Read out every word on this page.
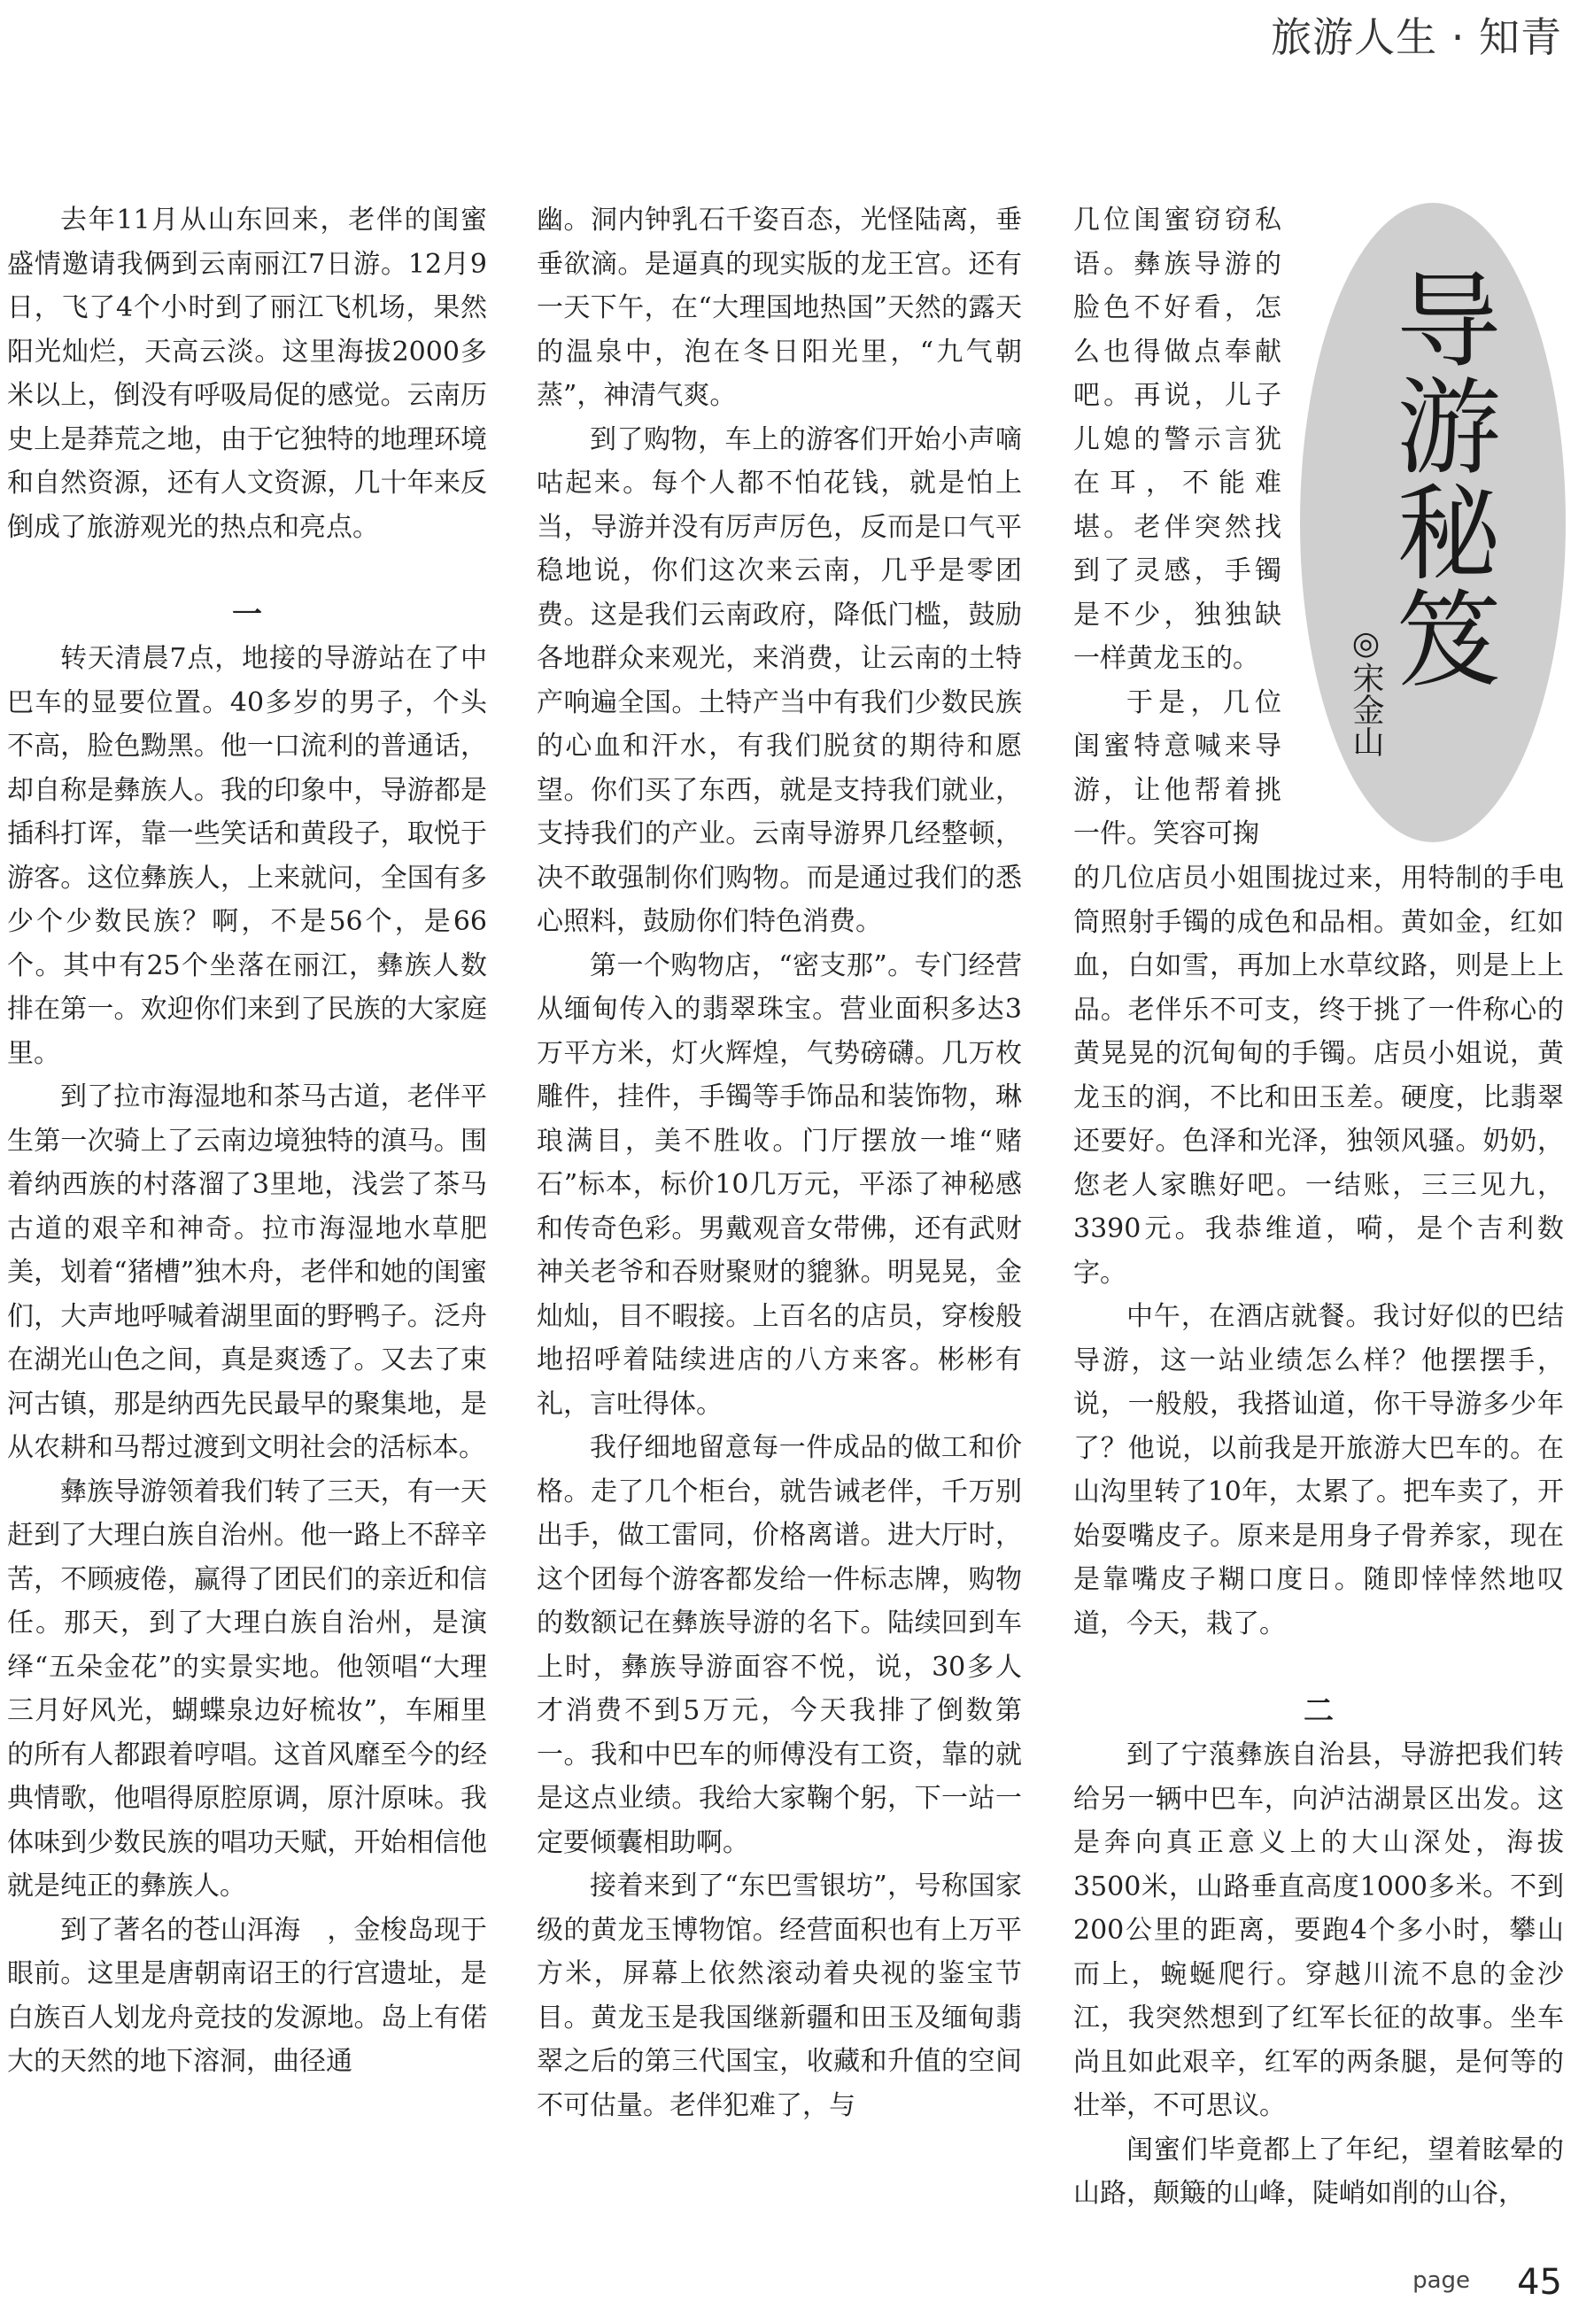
旅游人生 · 知青

去年11月从山东回来，老伴的闺蜜盛情邀请我俩到云南丽江7日游。12月9日，飞了4个小时到了丽江飞机场，果然阳光灿烂，天高云淡。这里海拔2000多米以上，倒没有呼吸局促的感觉。云南历史上是莽荒之地，由于它独特的地理环境和自然资源，还有人文资源，几十年来反倒成了旅游观光的热点和亮点。

一

转天清晨7点，地接的导游站在了中巴车的显要位置。40多岁的男子，个头不高，脸色黝黑。他一口流利的普通话，却自称是彝族人。我的印象中，导游都是插科打诨，靠一些笑话和黄段子，取悦于游客。这位彝族人，上来就问，全国有多少个少数民族？啊，不是56个，是66个。其中有25个坐落在丽江，彝族人数排在第一。欢迎你们来到了民族的大家庭里。

到了拉市海湿地和茶马古道，老伴平生第一次骑上了云南边境独特的滇马。围着纳西族的村落溜了3里地，浅尝了茶马古道的艰辛和神奇。拉市海湿地水草肥美，划着“猪槽”独木舟，老伴和她的闺蜜们，大声地呼喊着湖里面的野鸭子。泛舟在湖光山色之间，真是爽透了。又去了束河古镇，那是纳西先民最早的聚集地，是从农耕和马帮过渡到文明社会的活标本。

彝族导游领着我们转了三天，有一天赶到了大理白族自治州。他一路上不辞辛苦，不顾疲倦，赢得了团民们的亲近和信任。那天，到了大理白族自治州，是演绎“五朵金花”的实景实地。他领唱“大理三月好风光，蝴蝶泉边好梳妆”，车厢里的所有人都跟着哼唱。这首风靡至今的经典情歌，他唱得原腔原调，原汁原味。我体味到少数民族的唱功天赋，开始相信他就是纯正的彝族人。

到了著名的苍山洱海　，金梭岛现于眼前。这里是唐朝南诏王的行宫遗址，是白族百人划龙舟竞技的发源地。岛上有偌大的天然的地下溶洞，曲径通

幽。洞内钟乳石千姿百态，光怪陆离，垂垂欲滴。是逼真的现实版的龙王宫。还有一天下午，在“大理国地热国”天然的露天的温泉中，泡在冬日阳光里，“九气朝蒸”，神清气爽。

到了购物，车上的游客们开始小声嘀咕起来。每个人都不怕花钱，就是怕上当，导游并没有厉声厉色，反而是口气平稳地说，你们这次来云南，几乎是零团费。这是我们云南政府，降低门槛，鼓励各地群众来观光，来消费，让云南的土特产响遍全国。土特产当中有我们少数民族的心血和汗水，有我们脱贫的期待和愿望。你们买了东西，就是支持我们就业，支持我们的产业。云南导游界几经整顿，决不敢强制你们购物。而是通过我们的悉心照料，鼓励你们特色消费。

第一个购物店，“密支那”。专门经营从缅甸传入的翡翠珠宝。营业面积多达3万平方米，灯火辉煌，气势磅礴。几万枚雕件，挂件，手镯等手饰品和装饰物，琳琅满目，美不胜收。门厅摆放一堆“赌石”标本，标价10几万元，平添了神秘感和传奇色彩。男戴观音女带佛，还有武财神关老爷和吞财聚财的貔貅。明晃晃，金灿灿，目不暇接。上百名的店员，穿梭般地招呼着陆续进店的八方来客。彬彬有礼，言吐得体。

我仔细地留意每一件成品的做工和价格。走了几个柜台，就告诫老伴，千万别出手，做工雷同，价格离谱。进大厅时，这个团每个游客都发给一件标志牌，购物的数额记在彝族导游的名下。陆续回到车上时，彝族导游面容不悦，说，30多人才消费不到5万元，今天我排了倒数第一。我和中巴车的师傅没有工资，靠的就是这点业绩。我给大家鞠个躬，下一站一定要倾囊相助啊。

接着来到了“东巴雪银坊”，号称国家级的黄龙玉博物馆。经营面积也有上万平方米，屏幕上依然滚动着央视的鉴宝节目。黄龙玉是我国继新疆和田玉及缅甸翡翠之后的第三代国宝，收藏和升值的空间不可估量。老伴犯难了，与

几位闺蜜窃窃私语。彝族导游的脸色不好看，怎么也得做点奉献吧。再说，儿子儿媳的警示言犹在耳，不能难堪。老伴突然找到了灵感，手镯是不少，独独缺一样黄龙玉的。

于是，几位闺蜜特意喊来导游，让他帮着挑一件。笑容可掬

导游秘笈
◎宋金山

的几位店员小姐围拢过来，用特制的手电筒照射手镯的成色和品相。黄如金，红如血，白如雪，再加上水草纹路，则是上上品。老伴乐不可支，终于挑了一件称心的黄晃晃的沉甸甸的手镯。店员小姐说，黄龙玉的润，不比和田玉差。硬度，比翡翠还要好。色泽和光泽，独领风骚。奶奶，您老人家瞧好吧。一结账，三三见九，3390元。我恭维道，嗬，是个吉利数字。

中午，在酒店就餐。我讨好似的巴结导游，这一站业绩怎么样？他摆摆手，说，一般般，我搭讪道，你干导游多少年了？他说，以前我是开旅游大巴车的。在山沟里转了10年，太累了。把车卖了，开始耍嘴皮子。原来是用身子骨养家，现在是靠嘴皮子糊口度日。随即悻悻然地叹道，今天，栽了。

二

到了宁蒗彝族自治县，导游把我们转给另一辆中巴车，向泸沽湖景区出发。这是奔向真正意义上的大山深处，海拔3500米，山路垂直高度1000多米。不到200公里的距离，要跑4个多小时，攀山而上，蜿蜒爬行。穿越川流不息的金沙江，我突然想到了红军长征的故事。坐车尚且如此艰辛，红军的两条腿，是何等的壮举，不可思议。

闺蜜们毕竟都上了年纪，望着眩晕的山路，颠簸的山峰，陡峭如削的山谷，

page 45
